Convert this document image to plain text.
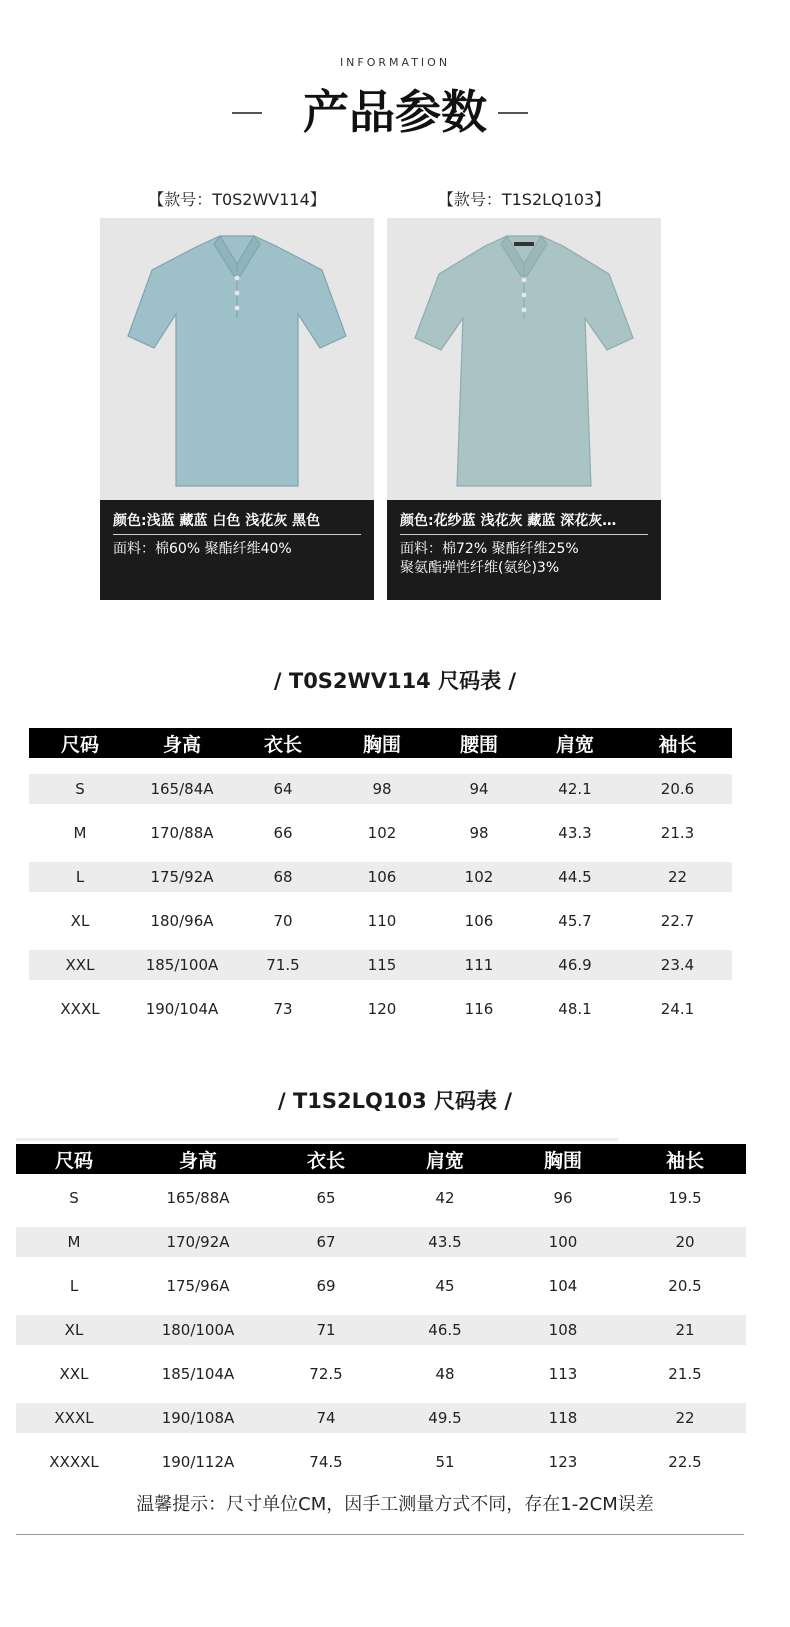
INFORMATION
产品参数
【款号：T0S2WV114】
颜色:浅蓝 藏蓝 白色 浅花灰 黑色
面料：棉60% 聚酯纤维40%
【款号：T1S2LQ103】
颜色:花纱蓝 浅花灰 藏蓝 深花灰…
面料：棉72% 聚酯纤维25%
聚氨酯弹性纤维(氨纶)3%
/ T0S2WV114 尺码表 /
尺码	身高	衣长	胸围	腰围	肩宽	袖长

S	165/84A	64	98	94	42.1	20.6

M	170/88A	66	102	98	43.3	21.3

L	175/92A	68	106	102	44.5	22

XL	180/96A	70	110	106	45.7	22.7

XXL	185/100A	71.5	115	111	46.9	23.4

XXXL	190/104A	73	120	116	48.1	24.1
/ T1S2LQ103 尺码表 /
尺码	身高	衣长	肩宽	胸围	袖长

S	165/88A	65	42	96	19.5

M	170/92A	67	43.5	100	20

L	175/96A	69	45	104	20.5

XL	180/100A	71	46.5	108	21

XXL	185/104A	72.5	48	113	21.5

XXXL	190/108A	74	49.5	118	22

XXXXL	190/112A	74.5	51	123	22.5
温馨提示：尺寸单位CM，因手工测量方式不同，存在1-2CM误差
